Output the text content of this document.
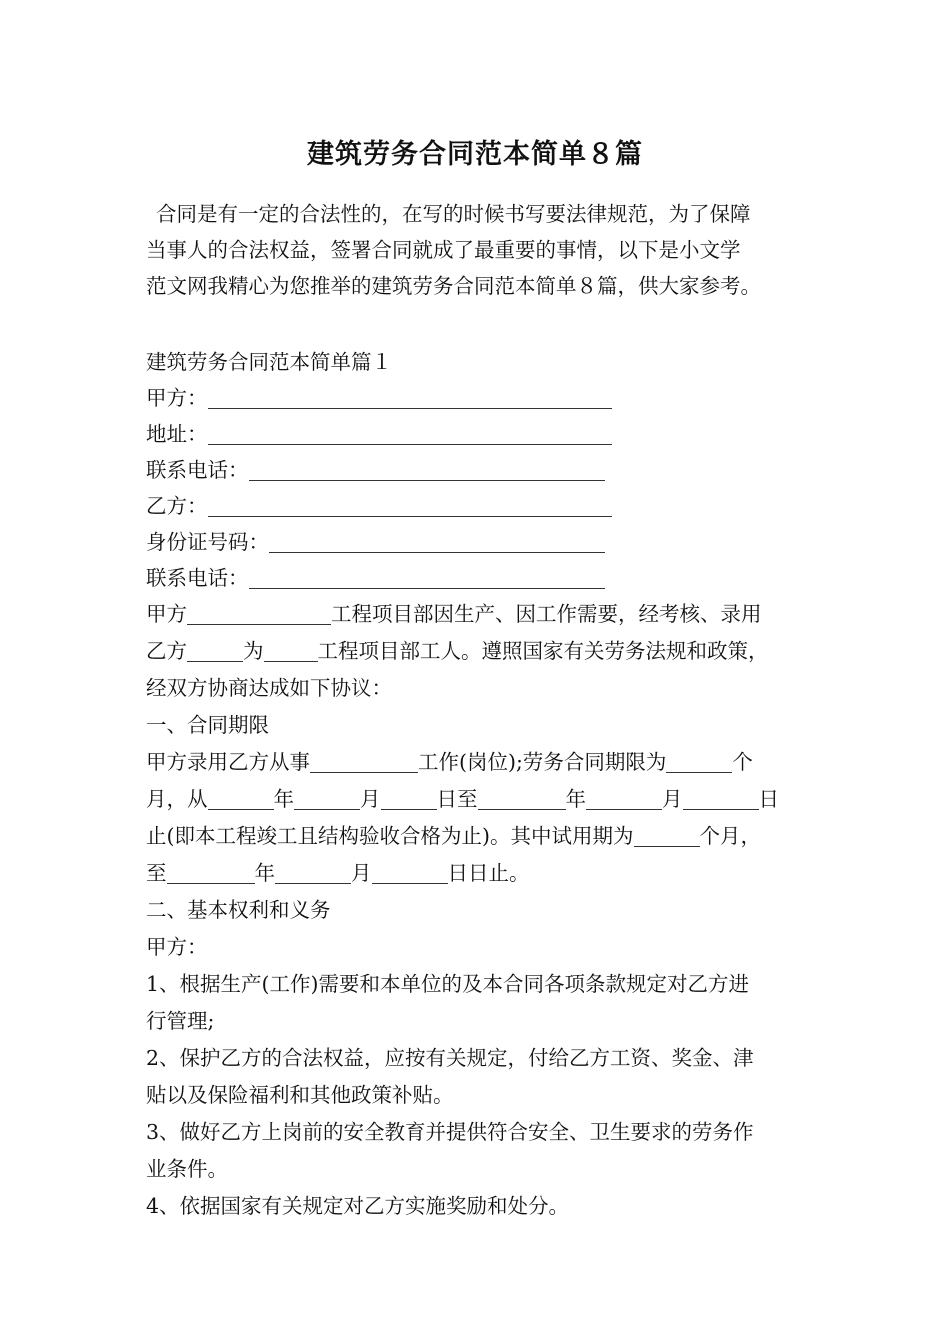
建筑劳务合同范本简单８篇
合同是有一定的合法性的，在写的时候书写要法律规范，为了保障
当事人的合法权益，签署合同就成了最重要的事情，以下是小文学
范文网我精心为您推举的建筑劳务合同范本简单８篇，供大家参考。
建筑劳务合同范本简单篇１
甲方：
地址：
联系电话：
乙方：
身份证号码：
联系电话：
甲方	工程项目部因生产、因工作需要，经考核、录用
乙方	为	工程项目部工人。遵照国家有关劳务法规和政策，
经双方协商达成如下协议：
一、合同期限
甲方录用乙方从事	工作(岗位);劳务合同期限为	个
月，从	年	月	日至	年	月	日
止(即本工程竣工且结构验收合格为止)。其中试用期为	个月，
至	年	月	日日止。
二、基本权利和义务
甲方：
1、根据生产(工作)需要和本单位的及本合同各项条款规定对乙方进
行管理;
2、保护乙方的合法权益，应按有关规定，付给乙方工资、奖金、津
贴以及保险福利和其他政策补贴。
3、做好乙方上岗前的安全教育并提供符合安全、卫生要求的劳务作
业条件。
4、依据国家有关规定对乙方实施奖励和处分。
